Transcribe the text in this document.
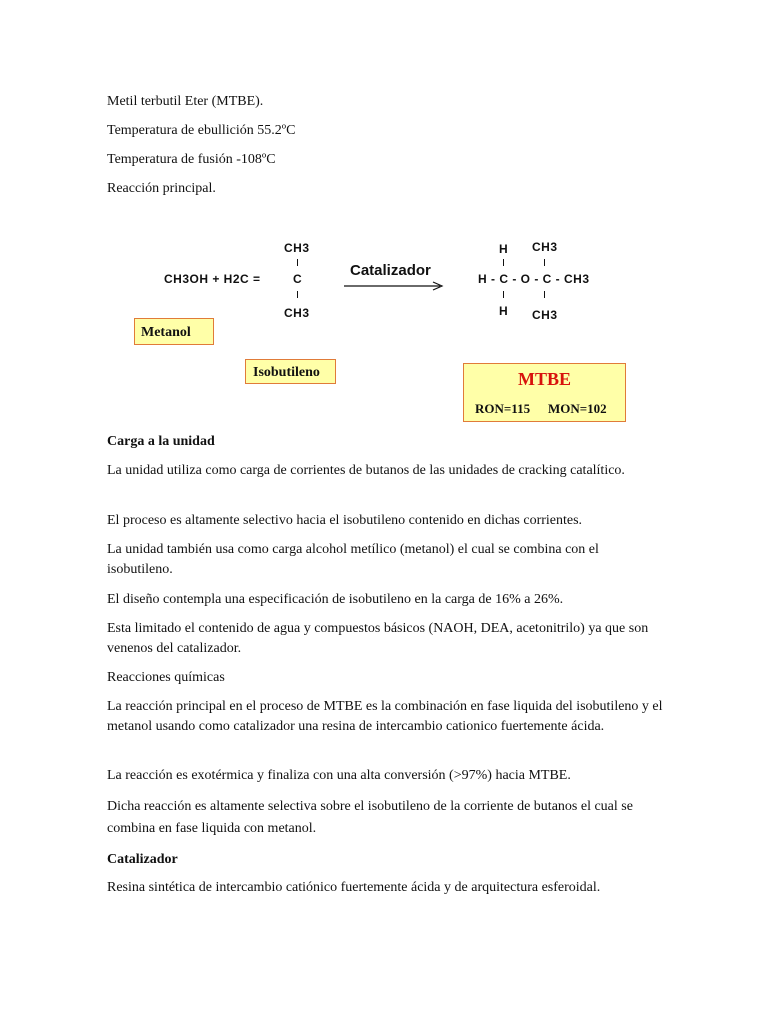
Metil terbutil Eter (MTBE).

Temperatura de ebullición 55.2ºC

Temperatura de fusión -108ºC

Reacción principal.

CH3OH + H2C =
CH3
C
CH3
Catalizador
H CH3
H - C - O - C - CH3
H CH3
Metanol
Isobutileno	MTBE
RON=115 MON=102

Carga a la unidad

La unidad utiliza como carga de corrientes de butanos de las unidades de cracking catalítico.

El proceso es altamente selectivo hacia el isobutileno contenido en dichas corrientes.

La unidad también usa como carga alcohol metílico (metanol) el cual se combina con el isobutileno.

El diseño contempla una especificación de isobutileno en la carga de 16% a 26%.

Esta limitado el contenido de agua y compuestos básicos (NAOH, DEA, acetonitrilo) ya que son venenos del catalizador.

Reacciones químicas

La reacción principal en el proceso de MTBE es la combinación en fase liquida del isobutileno y el metanol usando como catalizador una resina de intercambio cationico fuertemente ácida.

La reacción es exotérmica y finaliza con una alta conversión (>97%) hacia MTBE.

Dicha reacción es altamente selectiva sobre el isobutileno de la corriente de butanos el cual se combina en fase liquida con metanol.

Catalizador

Resina sintética de intercambio catiónico fuertemente ácida y de arquitectura esferoidal.
